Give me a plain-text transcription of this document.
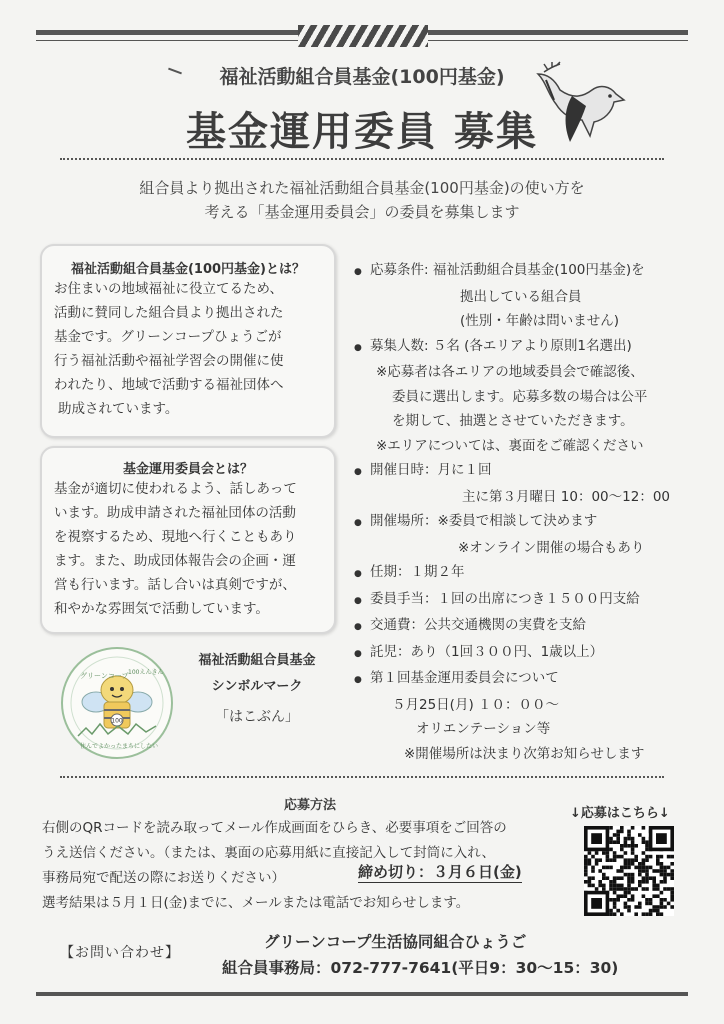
福祉活動組合員基金(100円基金)
基金運用委員 募集
組合員より拠出された福祉活動組合員基金(100円基金)の使い方を
考える「基金運用委員会」の委員を募集します
福祉活動組合員基金(100円基金)とは？
お住まいの地域福祉に役立てるため、
活動に賛同した組合員より拠出された
基金です。グリーンコープひょうごが
行う福祉活動や福祉学習会の開催に使
われたり、地域で活動する福祉団体へ
助成されています。
基金運用委員会とは？
基金が適切に使われるよう、話しあって
います。助成申請された福祉団体の活動
を視察するため、現地へ行くこともあり
ます。また、助成団体報告会の企画・運
営も行います。話し合いは真剣ですが、
和やかな雰囲気で活動しています。
100
グリーンコープ 100えんきん
住んでよかったまちにしたい
福祉活動組合員基金
シンボルマーク
「はこぶん」
● 応募条件: 福祉活動組合員基金(100円基金)を
拠出している組合員
(性別・年齢は問いません)
● 募集人数: ５名 (各エリアより原則1名選出)
※応募者は各エリアの地域委員会で確認後、
委員に選出します。応募多数の場合は公平
を期して、抽選とさせていただきます。
※エリアについては、裏面をご確認ください
● 開催日時：月に１回
主に第３月曜日 10：00〜12：00
● 開催場所：※委員で相談して決めます
※オンライン開催の場合もあり
● 任期：１期２年
● 委員手当：１回の出席につき１５００円支給
● 交通費：公共交通機関の実費を支給
● 託児：あり（1回３００円、1歳以上）
● 第１回基金運用委員会について
５月25日(月) １０：００〜
オリエンテーション等
※開催場所は決まり次第お知らせします
応募方法
右側のQRコードを読み取ってメール作成画面をひらき、必要事項をご回答の
うえ送信ください。（または、裏面の応募用紙に直接記入して封筒に入れ、
事務局宛で配送の際にお送りください）
選考結果は５月１日(金)までに、メールまたは電話でお知らせします。
締め切り：３月６日(金)
↓応募はこちら↓
【お問い合わせ】
グリーンコープ生活協同組合ひょうご
組合員事務局：072-777-7641(平日9：30〜15：30)
